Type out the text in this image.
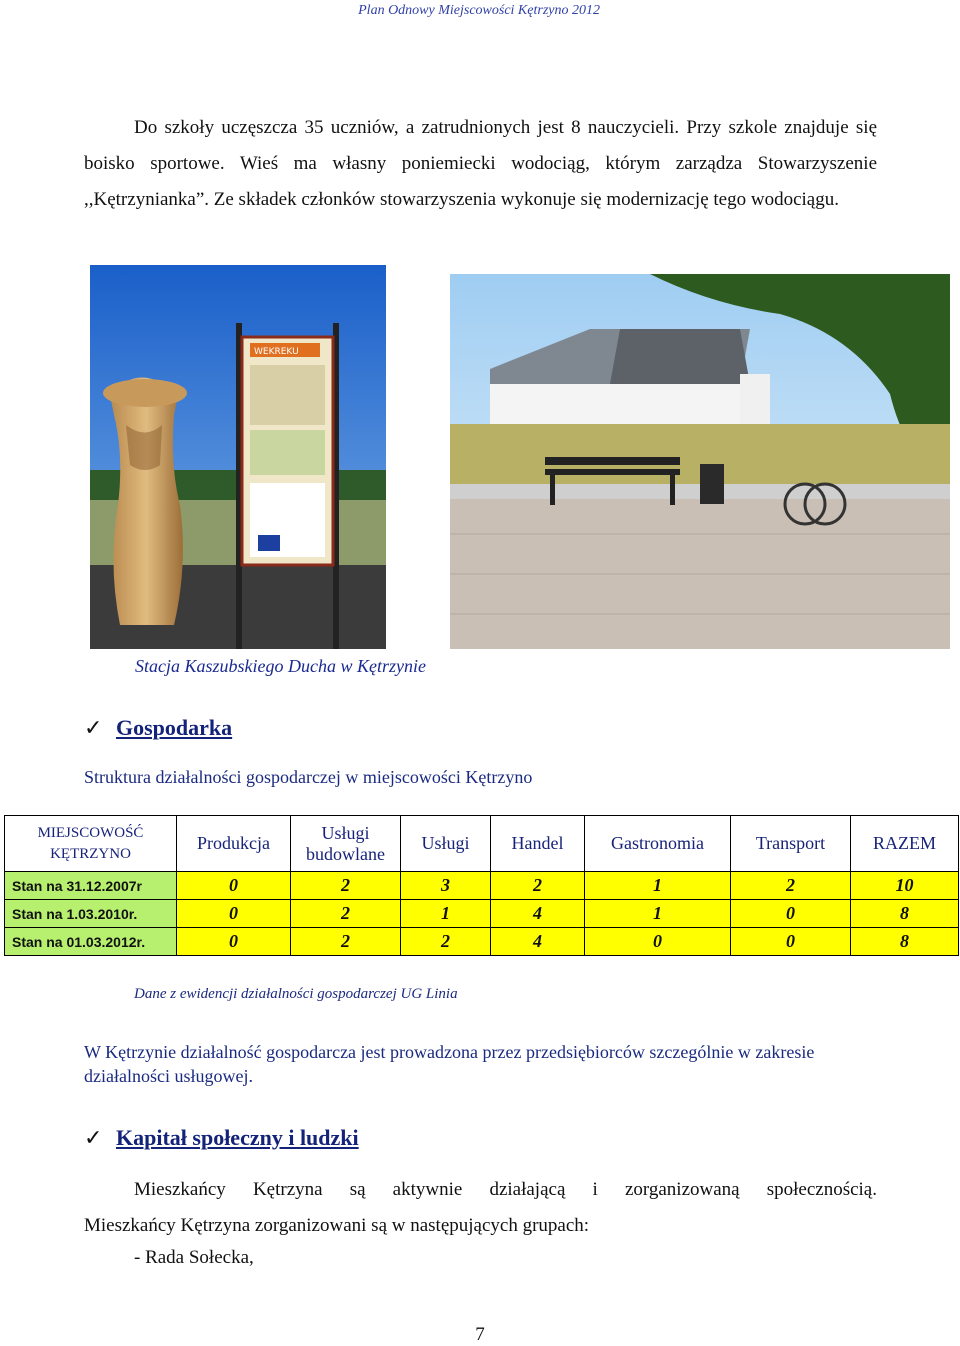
Plan Odnowy Miejscowości Kętrzyno 2012
Do szkoły uczęszcza 35 uczniów, a zatrudnionych jest 8 nauczycieli. Przy szkole znajduje się boisko sportowe. Wieś ma własny poniemiecki wodociąg, którym zarządza Stowarzyszenie ,,Kętrzynianka”. Ze składek członków stowarzyszenia wykonuje się modernizację tego wodociągu.
WEKREKU
Stacja Kaszubskiego Ducha w Kętrzynie
✓ Gospodarka
Struktura działalności gospodarczej w miejscowości Kętrzyno
MIEJSCOWOŚĆ KĘTRZYNO	Produkcja	Usługi budowlane	Usługi	Handel	Gastronomia	Transport	RAZEM
Stan na 31.12.2007r	0	2	3	2	1	2	10
Stan na 1.03.2010r.	0	2	1	4	1	0	8
Stan na 01.03.2012r.	0	2	2	4	0	0	8
Dane z ewidencji działalności gospodarczej UG Linia
W Kętrzynie działalność gospodarcza jest prowadzona przez przedsiębiorców szczególnie w zakresie działalności usługowej.
✓ Kapitał społeczny i ludzki
Mieszkańcy Kętrzyna są aktywnie działającą i zorganizowaną społecznością.
Mieszkańcy Kętrzyna zorganizowani są w następujących grupach:
- Rada Sołecka,
7
